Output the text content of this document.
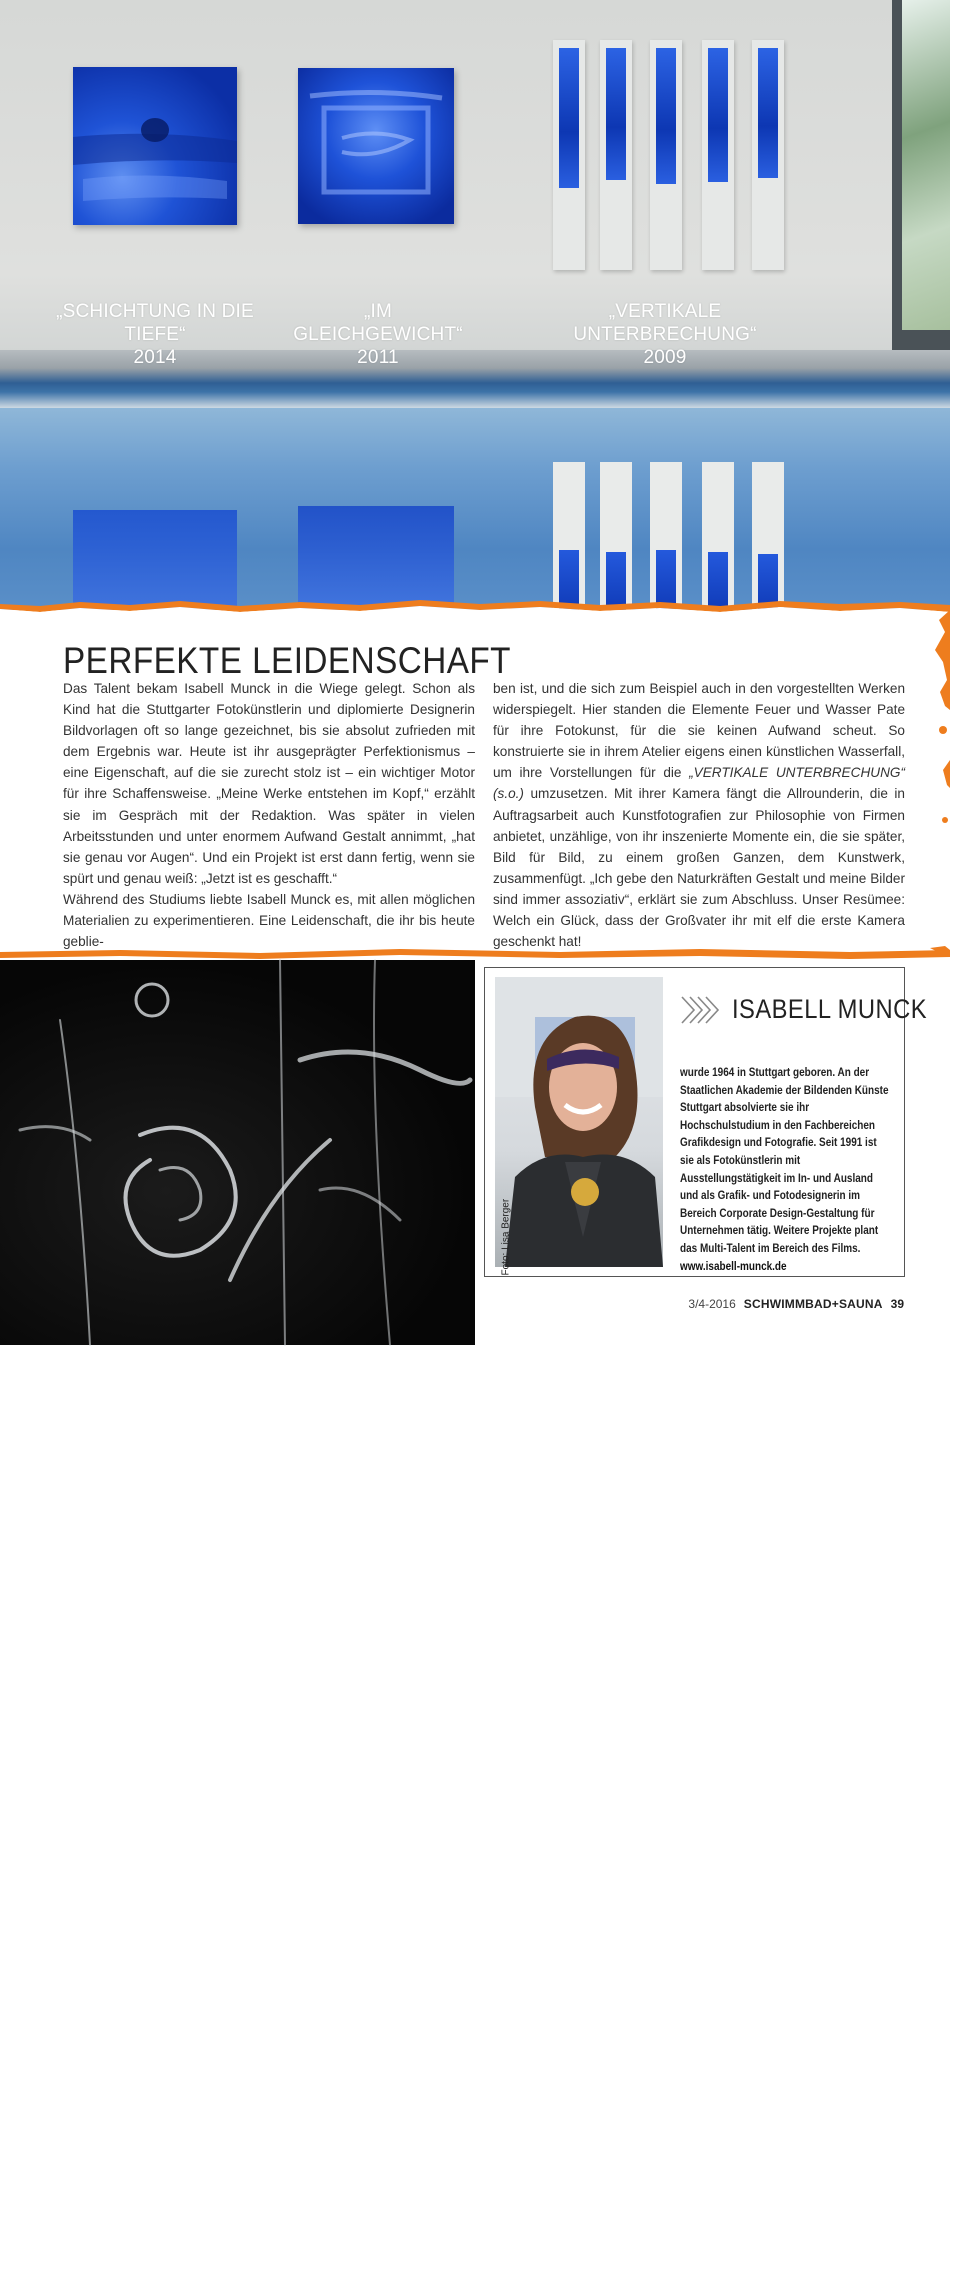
„SCHICHTUNG IN DIE TIEFE“
2014
„IM GLEICHGEWICHT“
2011
„VERTIKALE UNTERBRECHUNG“
2009
PERFEKTE LEIDENSCHAFT

Das Talent bekam Isabell Munck in die Wiege gelegt. Schon als Kind hat die Stuttgarter Fotokünstlerin und diplomierte Designerin Bildvorlagen oft so lange gezeichnet, bis sie absolut zufrieden mit dem Ergebnis war. Heute ist ihr ausgeprägter Perfektionismus – eine Eigenschaft, auf die sie zurecht stolz ist – ein wichtiger Motor für ihre Schaffensweise. „Meine Werke entstehen im Kopf,“ erzählt sie im Gespräch mit der Redaktion. Was später in vielen Arbeitsstunden und unter enormem Aufwand Gestalt annimmt, „hat sie genau vor Augen“. Und ein Projekt ist erst dann fertig, wenn sie spürt und genau weiß: „Jetzt ist es geschafft.“

Während des Studiums liebte Isabell Munck es, mit allen möglichen Materialien zu experimentieren. Eine Leidenschaft, die ihr bis heute geblie-

ben ist, und die sich zum Beispiel auch in den vorgestellten Werken widerspiegelt. Hier standen die Elemente Feuer und Wasser Pate für ihre Fotokunst, für die sie keinen Aufwand scheut. So konstruierte sie in ihrem Atelier eigens einen künstlichen Wasserfall, um ihre Vorstellungen für die „VERTIKALE UNTERBRECHUNG“ (s.o.) umzusetzen. Mit ihrer Kamera fängt die Allrounderin, die in Auftragsarbeit auch Kunstfotografien zur Philosophie von Firmen anbietet, unzählige, von ihr inszenierte Momente ein, die sie später, Bild für Bild, zu einem großen Ganzen, dem Kunstwerk, zusammenfügt. „Ich gebe den Naturkräften Gestalt und meine Bilder sind immer assoziativ“, erklärt sie zum Abschluss. Unser Resümee: Welch ein Glück, dass der Großvater ihr mit elf die erste Kamera geschenkt hat!

„LINEARE DURCHDRINGUNG“, 2012
Foto: Lisa Berger
ISABELL MUNCK

wurde 1964 in Stuttgart geboren. An der Staatlichen Akademie der Bildenden Künste Stuttgart absolvierte sie ihr Hochschulstudium in den Fachbereichen Grafikdesign und Fotografie. Seit 1991 ist sie als Fotokünstlerin mit Ausstellungstätigkeit im In- und Ausland und als Grafik- und Fotodesignerin im Bereich Corporate Design-Gestaltung für Unternehmen tätig. Weitere Projekte plant das Multi-Talent im Bereich des Films.

www.isabell-munck.de

3/4-2016 SCHWIMMBAD+SAUNA 39
